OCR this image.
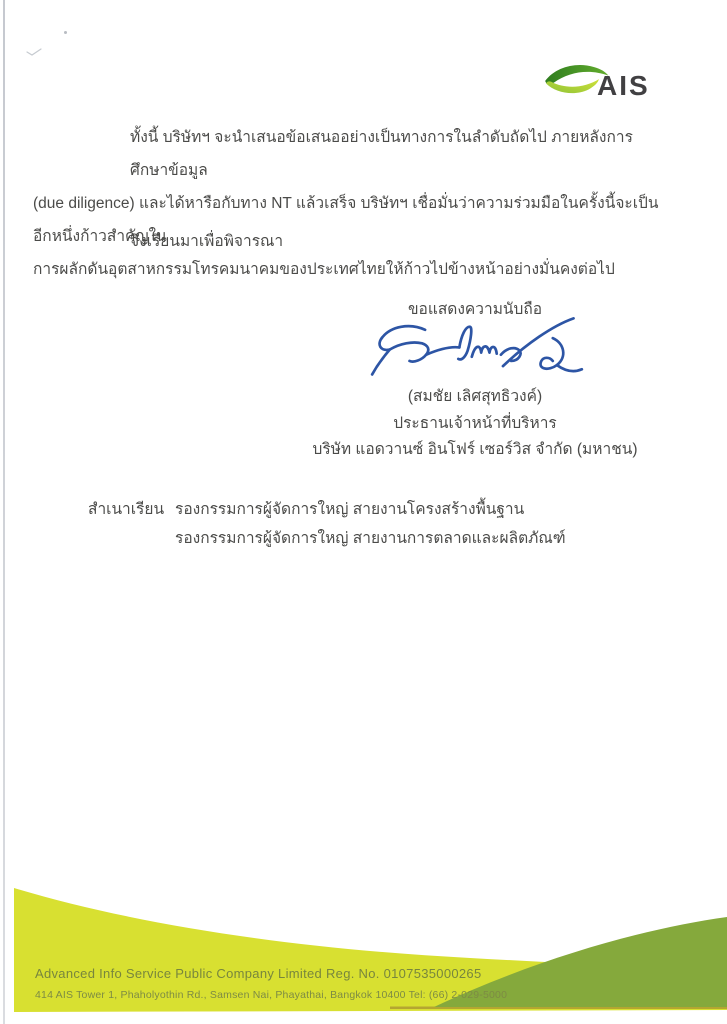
AIS
ทั้งนี้ บริษัทฯ จะนำเสนอข้อเสนออย่างเป็นทางการในลำดับถัดไป ภายหลังการศึกษาข้อมูล
(due diligence) และได้หารือกับทาง NT แล้วเสร็จ บริษัทฯ เชื่อมั่นว่าความร่วมมือในครั้งนี้จะเป็นอีกหนึ่งก้าวสำคัญใน
การผลักดันอุตสาหกรรมโทรคมนาคมของประเทศไทยให้ก้าวไปข้างหน้าอย่างมั่นคงต่อไป
จึงเรียนมาเพื่อพิจารณา
ขอแสดงความนับถือ
(สมชัย เลิศสุทธิวงค์)
ประธานเจ้าหน้าที่บริหาร
บริษัท แอดวานซ์ อินโฟร์ เซอร์วิส จำกัด (มหาชน)
สำเนาเรียน รองกรรมการผู้จัดการใหญ่ สายงานโครงสร้างพื้นฐาน
รองกรรมการผู้จัดการใหญ่ สายงานการตลาดและผลิตภัณฑ์
Advanced Info Service Public Company Limited Reg. No. 0107535000265
414 AIS Tower 1, Phaholyothin Rd., Samsen Nai, Phayathai, Bangkok 10400 Tel: (66) 2-029-5000
